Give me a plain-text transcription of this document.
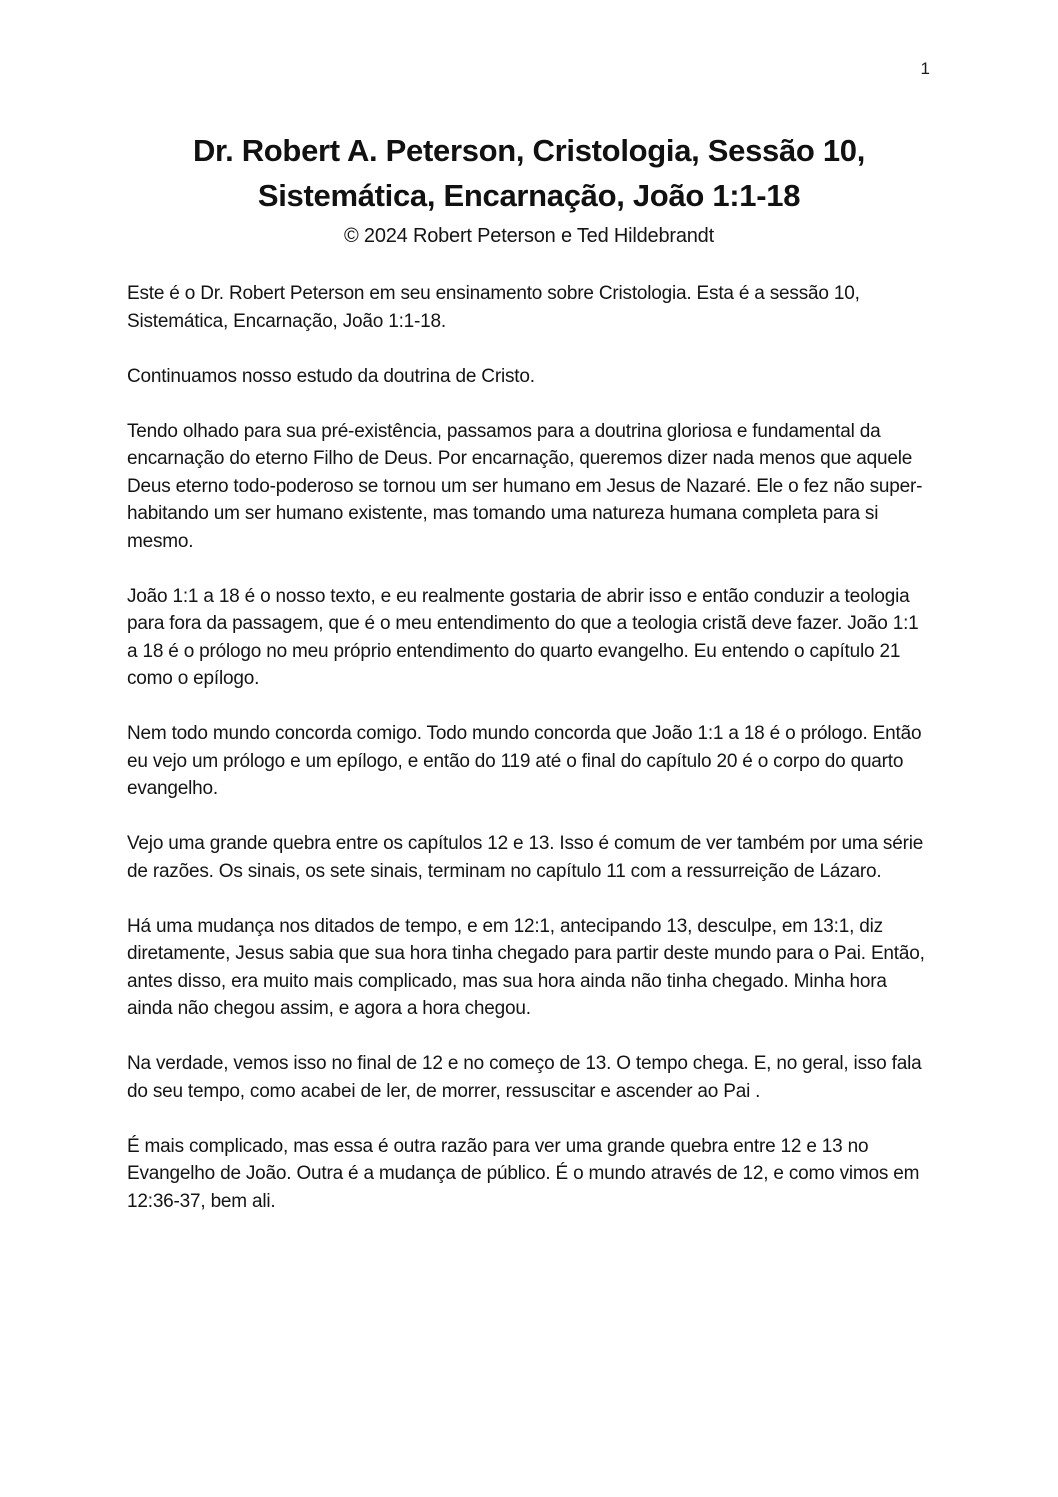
1
Dr. Robert A. Peterson, Cristologia, Sessão 10,
Sistemática, Encarnação, João 1:1-18
© 2024 Robert Peterson e Ted Hildebrandt

Este é o Dr. Robert Peterson em seu ensinamento sobre Cristologia. Esta é a sessão 10, Sistemática, Encarnação, João 1:1-18.

Continuamos nosso estudo da doutrina de Cristo.

Tendo olhado para sua pré-existência, passamos para a doutrina gloriosa e fundamental da encarnação do eterno Filho de Deus. Por encarnação, queremos dizer nada menos que aquele Deus eterno todo-poderoso se tornou um ser humano em Jesus de Nazaré. Ele o fez não super-habitando um ser humano existente, mas tomando uma natureza humana completa para si mesmo.

João 1:1 a 18 é o nosso texto, e eu realmente gostaria de abrir isso e então conduzir a teologia para fora da passagem, que é o meu entendimento do que a teologia cristã deve fazer. João 1:1 a 18 é o prólogo no meu próprio entendimento do quarto evangelho. Eu entendo o capítulo 21 como o epílogo.

Nem todo mundo concorda comigo. Todo mundo concorda que João 1:1 a 18 é o prólogo. Então eu vejo um prólogo e um epílogo, e então do 119 até o final do capítulo 20 é o corpo do quarto evangelho.

Vejo uma grande quebra entre os capítulos 12 e 13. Isso é comum de ver também por uma série de razões. Os sinais, os sete sinais, terminam no capítulo 11 com a ressurreição de Lázaro.

Há uma mudança nos ditados de tempo, e em 12:1, antecipando 13, desculpe, em 13:1, diz diretamente, Jesus sabia que sua hora tinha chegado para partir deste mundo para o Pai. Então, antes disso, era muito mais complicado, mas sua hora ainda não tinha chegado. Minha hora ainda não chegou assim, e agora a hora chegou.

Na verdade, vemos isso no final de 12 e no começo de 13. O tempo chega. E, no geral, isso fala do seu tempo, como acabei de ler, de morrer, ressuscitar e ascender ao Pai .

É mais complicado, mas essa é outra razão para ver uma grande quebra entre 12 e 13 no Evangelho de João. Outra é a mudança de público. É o mundo através de 12, e como vimos em 12:36-37, bem ali.
